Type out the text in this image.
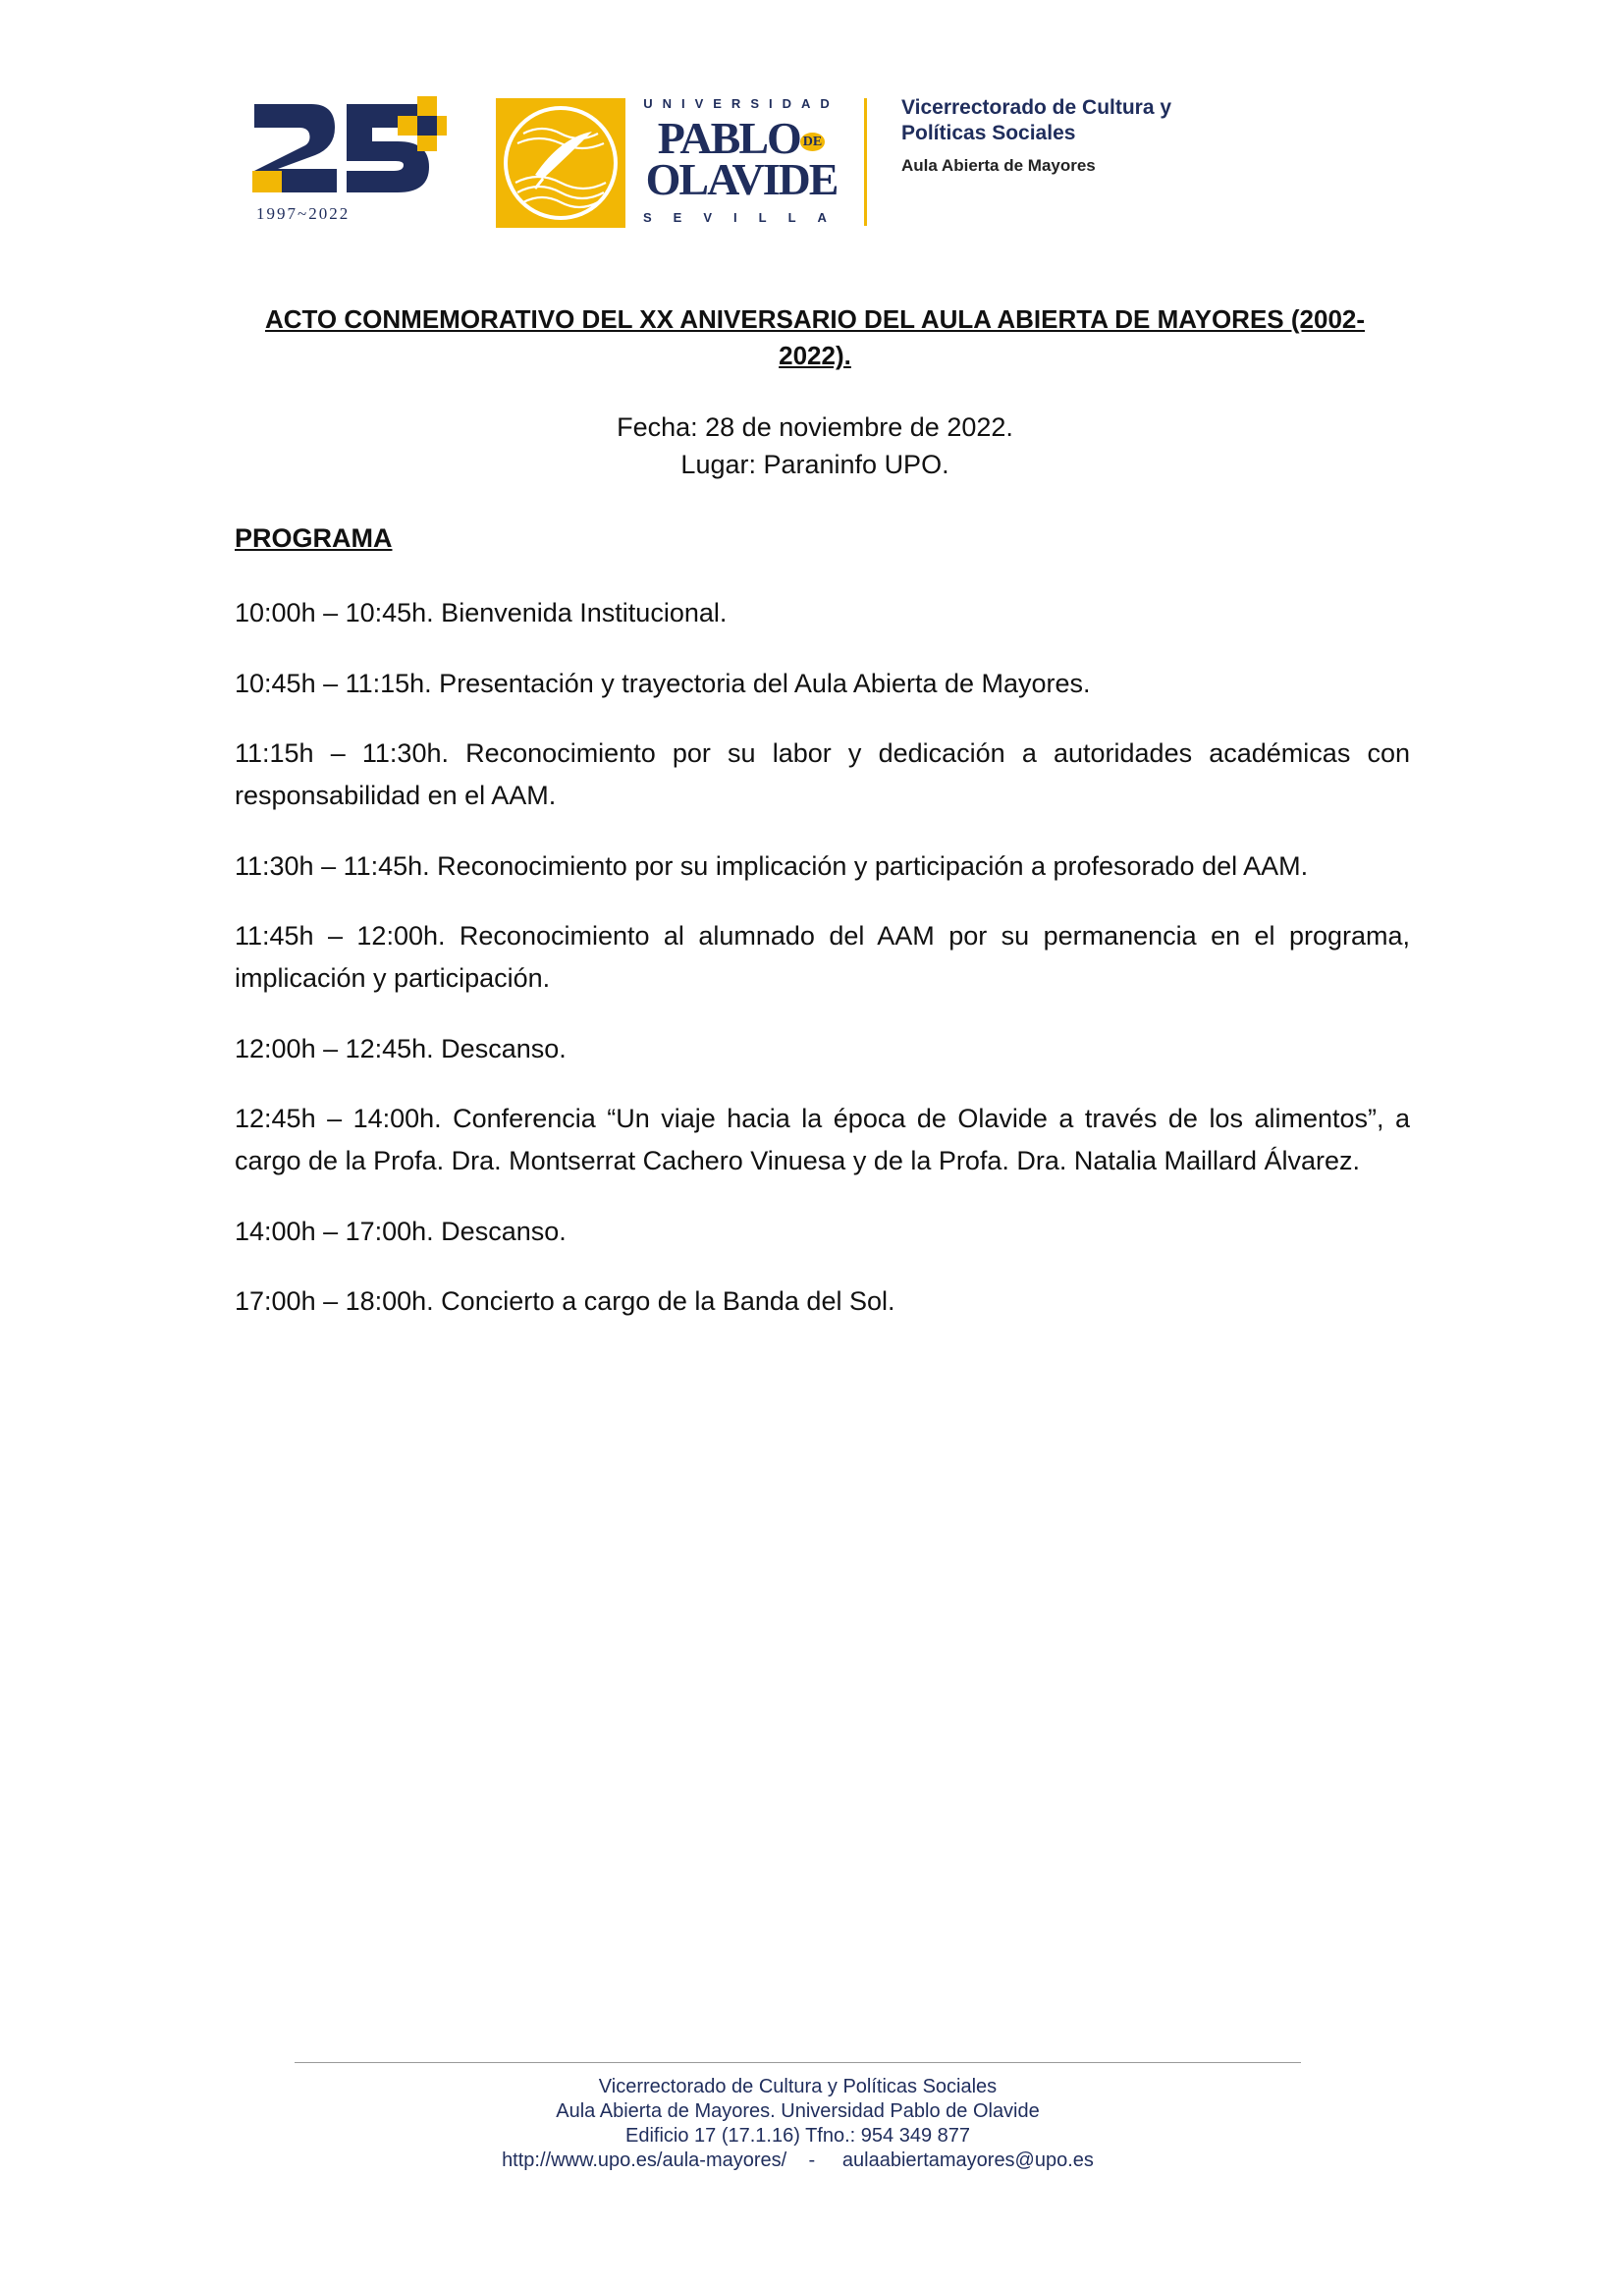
1997~2022
UNIVERSIDAD
PABLO DE
OLAVIDE
SEVILLA
Vicerrectorado de Cultura y
Políticas Sociales
Aula Abierta de Mayores
ACTO CONMEMORATIVO DEL XX ANIVERSARIO DEL AULA ABIERTA DE MAYORES (2002-2022).
Fecha: 28 de noviembre de 2022.
Lugar: Paraninfo UPO.
PROGRAMA
10:00h – 10:45h. Bienvenida Institucional.
10:45h – 11:15h. Presentación y trayectoria del Aula Abierta de Mayores.
11:15h – 11:30h. Reconocimiento por su labor y dedicación a autoridades académicas con responsabilidad en el AAM.
11:30h – 11:45h. Reconocimiento por su implicación y participación a profesorado del AAM.
11:45h – 12:00h. Reconocimiento al alumnado del AAM por su permanencia en el programa, implicación y participación.
12:00h – 12:45h. Descanso.
12:45h – 14:00h. Conferencia “Un viaje hacia la época de Olavide a través de los alimentos”, a cargo de la Profa. Dra. Montserrat Cachero Vinuesa y de la Profa. Dra. Natalia Maillard Álvarez.
14:00h – 17:00h. Descanso.
17:00h – 18:00h. Concierto a cargo de la Banda del Sol.
Vicerrectorado de Cultura y Políticas Sociales
Aula Abierta de Mayores. Universidad Pablo de Olavide
Edificio 17 (17.1.16) Tfno.: 954 349 877
http://www.upo.es/aula-mayores/ - aulaabiertamayores@upo.es
